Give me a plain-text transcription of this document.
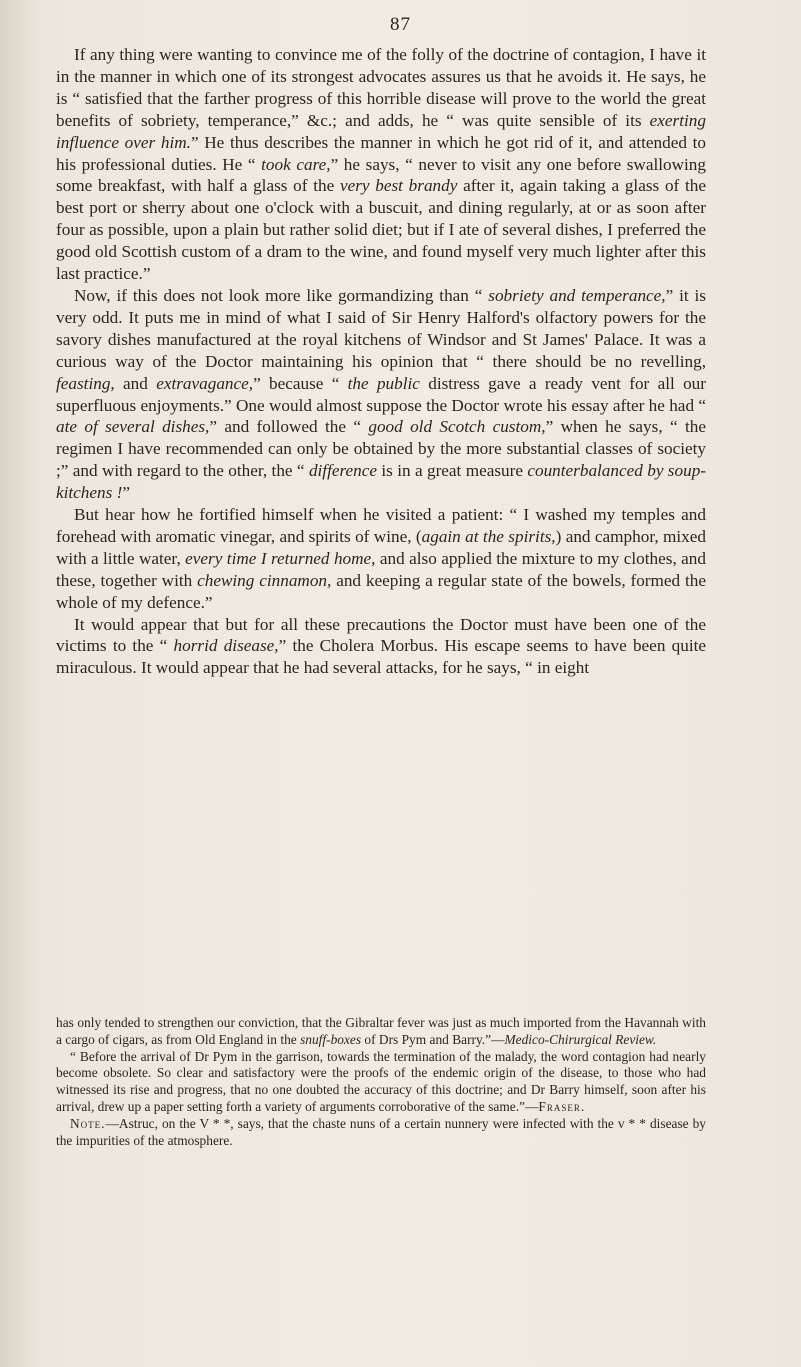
87

If any thing were wanting to convince me of the folly of the doctrine of contagion, I have it in the manner in which one of its strongest advocates assures us that he avoids it. He says, he is “ satisfied that the farther progress of this horrible disease will prove to the world the great benefits of sobriety, temperance,” &c.; and adds, he “ was quite sensible of its exerting influence over him.” He thus describes the manner in which he got rid of it, and attended to his professional duties. He “ took care,” he says, “ never to visit any one before swallowing some breakfast, with half a glass of the very best brandy after it, again taking a glass of the best port or sherry about one o'clock with a buscuit, and dining regularly, at or as soon after four as possible, upon a plain but rather solid diet; but if I ate of several dishes, I preferred the good old Scottish custom of a dram to the wine, and found myself very much lighter after this last practice.”

Now, if this does not look more like gormandizing than “ sobriety and temperance,” it is very odd. It puts me in mind of what I said of Sir Henry Halford's olfactory powers for the savory dishes manufactured at the royal kitchens of Windsor and St James' Palace. It was a curious way of the Doctor maintaining his opinion that “ there should be no revelling, feasting, and extravagance,” because “ the public distress gave a ready vent for all our superfluous enjoyments.” One would almost suppose the Doctor wrote his essay after he had “ ate of several dishes,” and followed the “ good old Scotch custom,” when he says, “ the regimen I have recommended can only be obtained by the more substantial classes of society ;” and with regard to the other, the “ difference is in a great measure counterbalanced by soup-kitchens !”

But hear how he fortified himself when he visited a patient: “ I washed my temples and forehead with aromatic vinegar, and spirits of wine, (again at the spirits,) and camphor, mixed with a little water, every time I returned home, and also applied the mixture to my clothes, and these, together with chewing cinnamon, and keeping a regular state of the bowels, formed the whole of my defence.”

It would appear that but for all these precautions the Doctor must have been one of the victims to the “ horrid disease,” the Cholera Morbus. His escape seems to have been quite miraculous. It would appear that he had several attacks, for he says, “ in eight

has only tended to strengthen our conviction, that the Gibraltar fever was just as much imported from the Havannah with a cargo of cigars, as from Old England in the snuff-boxes of Drs Pym and Barry.”—Medico-Chirurgical Review.

“ Before the arrival of Dr Pym in the garrison, towards the termination of the malady, the word contagion had nearly become obsolete. So clear and satisfactory were the proofs of the endemic origin of the disease, to those who had witnessed its rise and progress, that no one doubted the accuracy of this doctrine; and Dr Barry himself, soon after his arrival, drew up a paper setting forth a variety of arguments corroborative of the same.”—Fraser.

Note.—Astruc, on the V * *, says, that the chaste nuns of a certain nunnery were infected with the v * * disease by the impurities of the atmosphere.
